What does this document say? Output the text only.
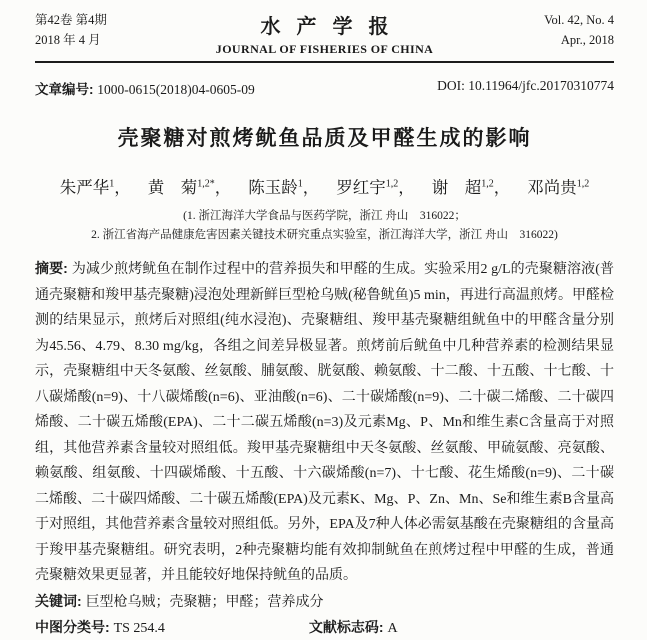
第42卷 第4期
2018 年 4 月
水产学报
JOURNAL OF FISHERIES OF CHINA
Vol. 42, No. 4
Apr., 2018
文章编号: 1000-0615(2018)04-0605-09	DOI: 10.11964/jfc.20170310774
壳聚糖对煎烤鱿鱼品质及甲醛生成的影响
朱严华$^1$， 黄　菊$^{1,2*}$， 陈玉龄$^1$， 罗红宇$^{1,2}$， 谢　超$^{1,2}$， 邓尚贵$^{1,2}$
(1. 浙江海洋大学食品与医药学院，浙江 舟山　316022；
2. 浙江省海产品健康危害因素关键技术研究重点实验室，浙江海洋大学，浙江 舟山　316022)

摘要: 为减少煎烤鱿鱼在制作过程中的营养损失和甲醛的生成。实验采用2 g/L的壳聚糖溶液(普通壳聚糖和羧甲基壳聚糖)浸泡处理新鲜巨型枪乌贼(秘鲁鱿鱼)5 min，再进行高温煎烤。甲醛检测的结果显示，煎烤后对照组(纯水浸泡)、壳聚糖组、羧甲基壳聚糖组鱿鱼中的甲醛含量分别为45.56、4.79、8.30 mg/kg，各组之间差异极显著。煎烤前后鱿鱼中几种营养素的检测结果显示，壳聚糖组中天冬氨酸、丝氨酸、脯氨酸、胱氨酸、赖氨酸、十二酸、十五酸、十七酸、十八碳烯酸(n=9)、十八碳烯酸(n=6)、亚油酸(n=6)、二十碳烯酸(n=9)、二十碳二烯酸、二十碳四烯酸、二十碳五烯酸(EPA)、二十二碳五烯酸(n=3)及元素Mg、P、Mn和维生素C含量高于对照组，其他营养素含量较对照组低。羧甲基壳聚糖组中天冬氨酸、丝氨酸、甲硫氨酸、亮氨酸、赖氨酸、组氨酸、十四碳烯酸、十五酸、十六碳烯酸(n=7)、十七酸、花生烯酸(n=9)、二十碳二烯酸、二十碳四烯酸、二十碳五烯酸(EPA)及元素K、Mg、P、Zn、Mn、Se和维生素B含量高于对照组，其他营养素含量较对照组低。另外，EPA及7种人体必需氨基酸在壳聚糖组的含量高于羧甲基壳聚糖组。研究表明，2种壳聚糖均能有效抑制鱿鱼在煎烤过程中甲醛的生成，普通壳聚糖效果更显著，并且能较好地保持鱿鱼的品质。

关键词: 巨型枪乌贼；壳聚糖；甲醛；营养成分

中图分类号: TS 254.4	文献标志码: A
